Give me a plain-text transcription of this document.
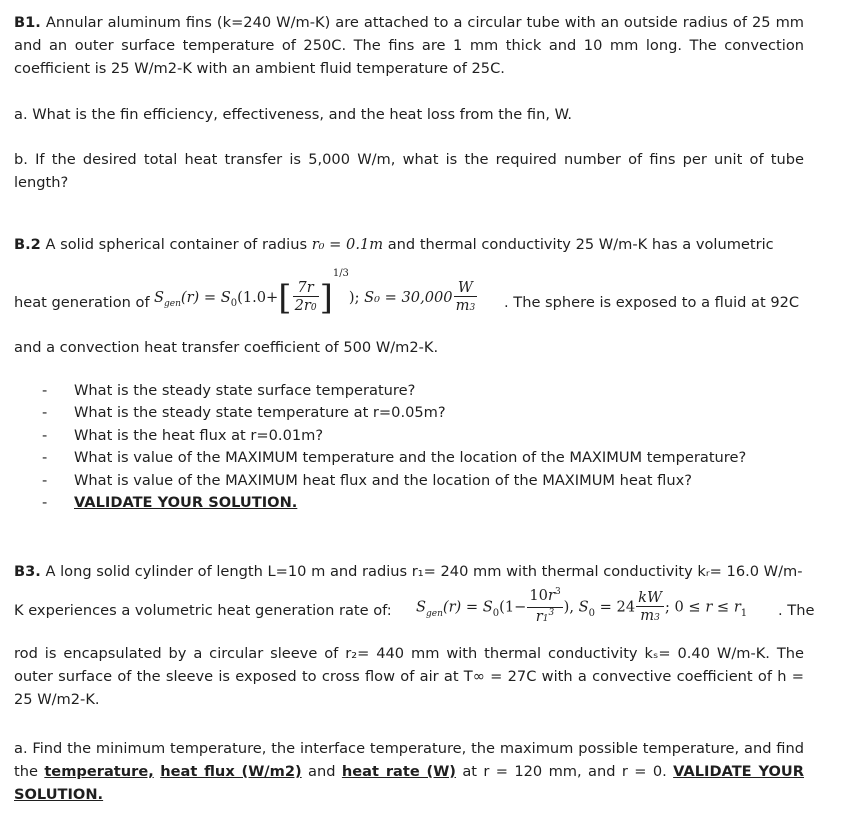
B1. Annular aluminum fins (k=240 W/m-K) are attached to a circular tube with an outside radius of 25 mm and an outer surface temperature of 250C. The fins are 1 mm thick and 10 mm long. The convection coefficient is 25 W/m2-K with an ambient fluid temperature of 25C.

a. What is the fin efficiency, effectiveness, and the heat loss from the fin, W.

b. If the desired total heat transfer is 5,000 W/m, what is the required number of fins per unit of tube length?

B.2 A solid spherical container of radius r₀ = 0.1m and thermal conductivity 25 W/m-K has a volumetric

heat generation of $S_{gen}(r) = S_0(1.0+[ \frac{7r}{2r0} ]^{1/3})$; $S_0 = 30,000 \frac{W}{m3}$ . The sphere is exposed to a fluid at 92C

and a convection heat transfer coefficient of 500 W/m2-K.

- What is the steady state surface temperature?
- What is the steady state temperature at r=0.05m?
- What is the heat flux at r=0.01m?
- What is value of the MAXIMUM temperature and the location of the MAXIMUM temperature?
- What is value of the MAXIMUM heat flux and the location of the MAXIMUM heat flux?
- VALIDATE YOUR SOLUTION.

B3. A long solid cylinder of length L=10 m and radius r₁= 240 mm with thermal conductivity kᵣ= 16.0 W/m-

K experiences a volumetric heat generation rate of: $S_{gen}(r) = S_0(1- \frac{10r^3}{r1^3}$ ), $S_0 = 24 \frac{kW}{m3}$ ; $0 \le r \le r_1$ . The

rod is encapsulated by a circular sleeve of r₂= 440 mm with thermal conductivity kₛ= 0.40 W/m-K. The outer surface of the sleeve is exposed to cross flow of air at T∞ = 27C with a convective coefficient of h = 25 W/m2-K.

a. Find the minimum temperature, the interface temperature, the maximum possible temperature, and find the temperature, heat flux (W/m2) and heat rate (W) at r = 120 mm, and r = 0. VALIDATE YOUR SOLUTION.
